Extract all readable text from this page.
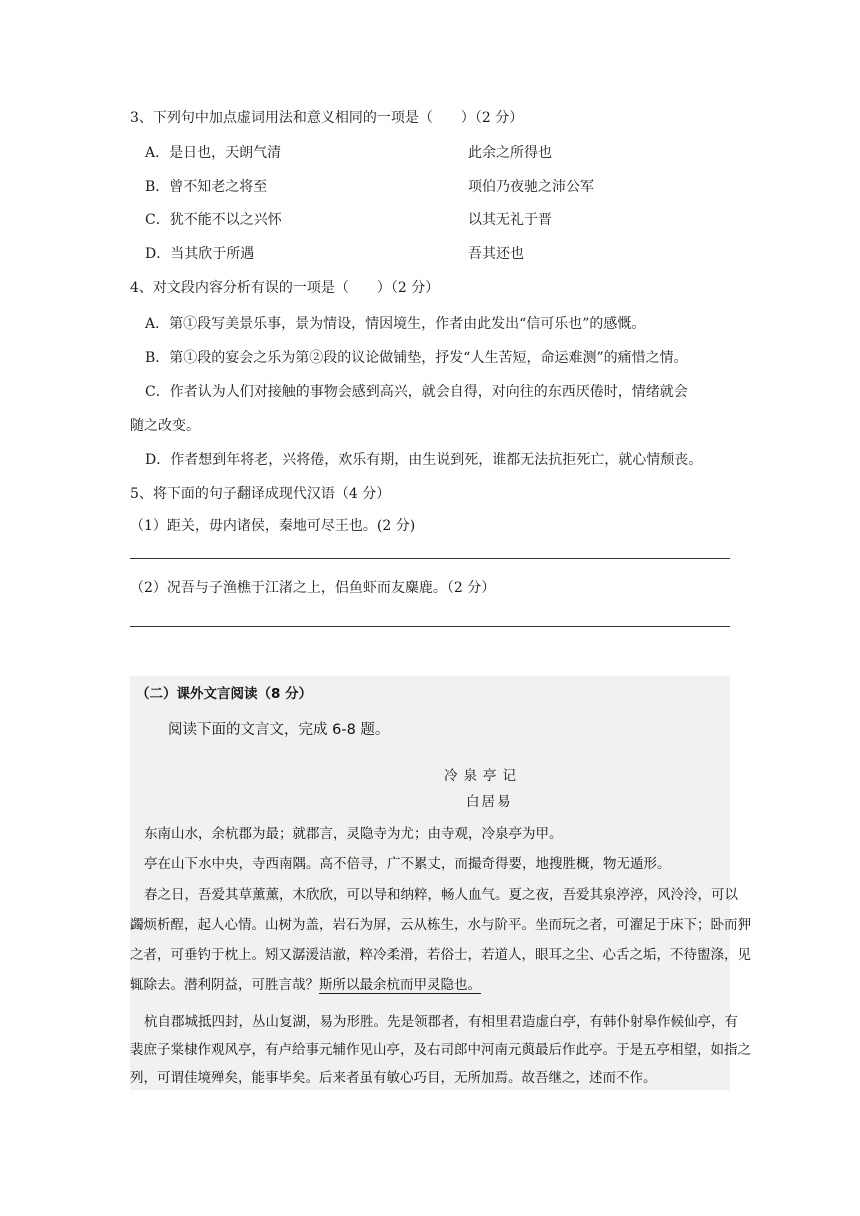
3、下列句中加点虚词用法和意义相同的一项是（　　）（2 分）
A．是日也，天朗气清	此余之所得也
B．曾不知老之将至	项伯乃夜驰之沛公军
C．犹不能不以之兴怀	以其无礼于晋
D．当其欣于所遇	吾其还也
4、对文段内容分析有误的一项是（　　）（2 分）
A．第①段写美景乐事，景为情设，情因境生，作者由此发出“信可乐也”的感慨。
B．第①段的宴会之乐为第②段的议论做铺垫，抒发“人生苦短，命运难测”的痛惜之情。
C．作者认为人们对接触的事物会感到高兴，就会自得，对向往的东西厌倦时，情绪就会
随之改变。
D．作者想到年将老，兴将倦，欢乐有期，由生说到死，谁都无法抗拒死亡，就心情颓丧。
5、将下面的句子翻译成现代汉语（4 分）
（1）距关，毋内诸侯，秦地可尽王也。(2 分)
（2）况吾与子渔樵于江渚之上，侣鱼虾而友麋鹿。（2 分）
（二）课外文言阅读（8 分）
阅读下面的文言文，完成 6-8 题。
冷泉亭记
白居易
东南山水，余杭郡为最；就郡言，灵隐寺为尤；由寺观，冷泉亭为甲。
亭在山下水中央，寺西南隅。高不倍寻，广不累丈，而撮奇得要，地搜胜概，物无遁形。
春之日，吾爱其草薰薰，木欣欣，可以导和纳粹，畅人血气。夏之夜，吾爱其泉渟渟，风泠泠，可以
蠲烦析酲，起人心情。山树为盖，岩石为屏，云从栋生，水与阶平。坐而玩之者，可濯足于床下；卧而狎
之者，可垂钓于枕上。矧又潺湲洁澈，粹冷柔滑，若俗士，若道人，眼耳之尘、心舌之垢，不待盥涤，见
辄除去。潜利阴益，可胜言哉？斯所以最余杭而甲灵隐也。
杭自郡城抵四封，丛山复湖，易为形胜。先是领郡者，有相里君造虚白亭，有韩仆射皋作候仙亭，有
裴庶子棠棣作观风亭，有卢给事元辅作见山亭，及右司郎中河南元藇最后作此亭。于是五亭相望，如指之
列，可谓佳境殚矣，能事毕矣。后来者虽有敏心巧目，无所加焉。故吾继之，述而不作。
